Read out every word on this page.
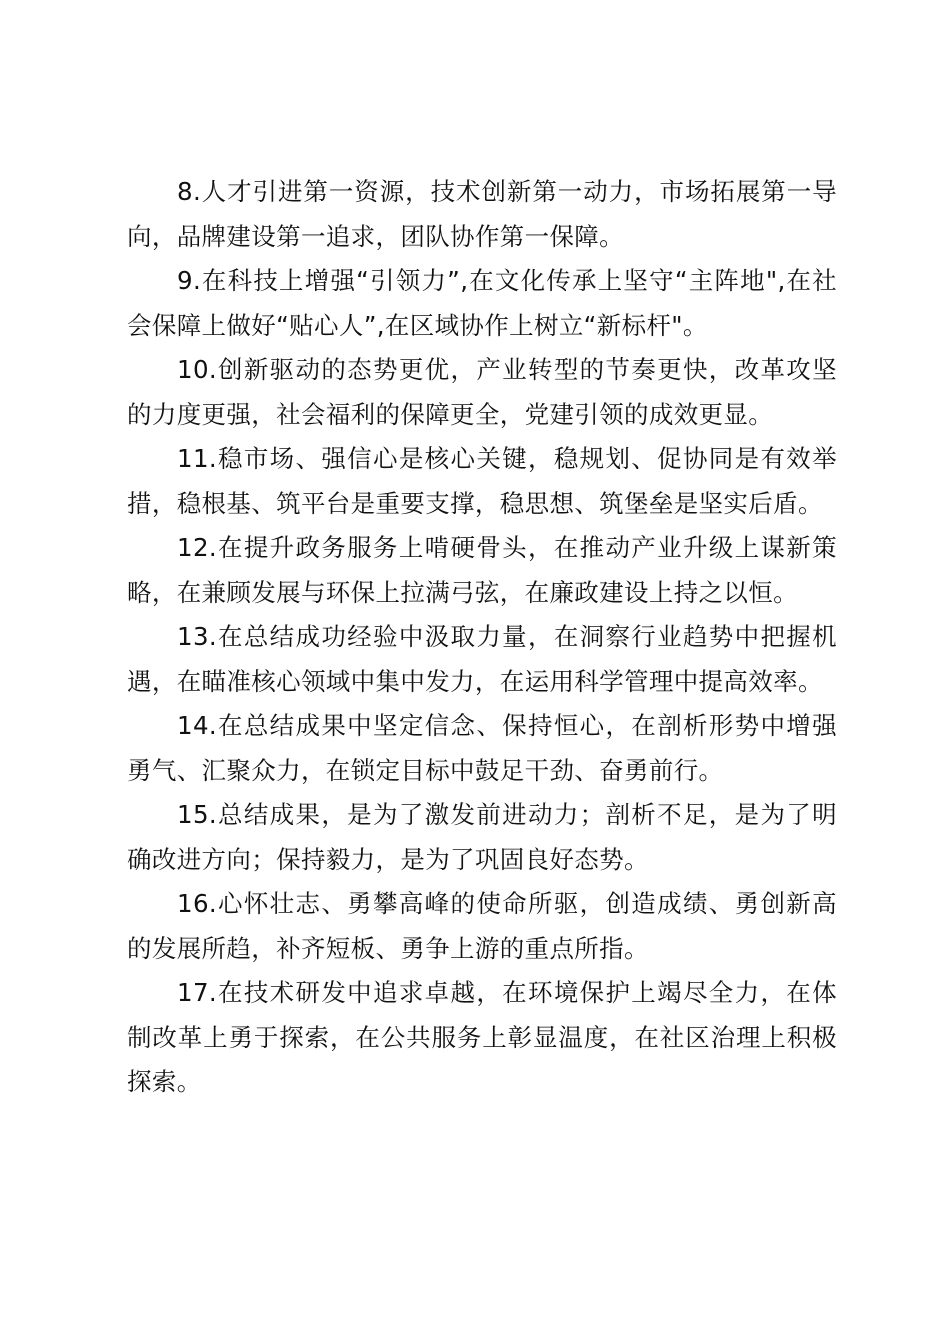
8.人才引进第一资源，技术创新第一动力，市场拓展第一导向，品牌建设第一追求，团队协作第一保障。

9.在科技上增强“引领力”,在文化传承上坚守“主阵地",在社会保障上做好“贴心人”,在区域协作上树立“新标杆"。

10.创新驱动的态势更优，产业转型的节奏更快，改革攻坚的力度更强，社会福利的保障更全，党建引领的成效更显。

11.稳市场、强信心是核心关键，稳规划、促协同是有效举措，稳根基、筑平台是重要支撑，稳思想、筑堡垒是坚实后盾。

12.在提升政务服务上啃硬骨头，在推动产业升级上谋新策略，在兼顾发展与环保上拉满弓弦，在廉政建设上持之以恒。

13.在总结成功经验中汲取力量，在洞察行业趋势中把握机遇，在瞄准核心领域中集中发力，在运用科学管理中提高效率。

14.在总结成果中坚定信念、保持恒心，在剖析形势中增强勇气、汇聚众力，在锁定目标中鼓足干劲、奋勇前行。

15.总结成果，是为了激发前进动力；剖析不足，是为了明确改进方向；保持毅力，是为了巩固良好态势。

16.心怀壮志、勇攀高峰的使命所驱，创造成绩、勇创新高的发展所趋，补齐短板、勇争上游的重点所指。

17.在技术研发中追求卓越，在环境保护上竭尽全力，在体制改革上勇于探索，在公共服务上彰显温度，在社区治理上积极探索。
